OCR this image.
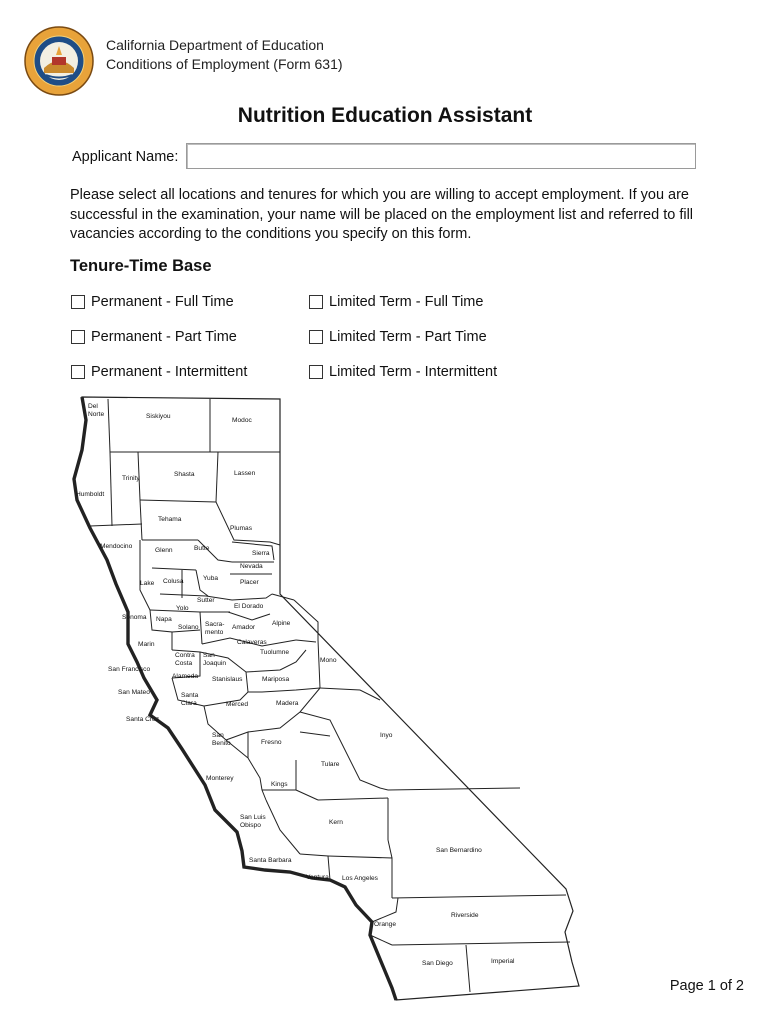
California Department of Education
Conditions of Employment (Form 631)
Nutrition Education Assistant
Applicant Name:
Please select all locations and tenures for which you are willing to accept employment. If you are successful in the examination, your name will be placed on the employment list and referred to fill vacancies according to the conditions you specify on this form.
Tenure-Time Base
Permanent - Full Time
Permanent - Part Time
Permanent - Intermittent
Limited Term - Full Time
Limited Term - Part Time
Limited Term - Intermittent
Del
Norte	Siskiyou
Modoc
Trinity
Shasta	Lassen
Humboldt
Tehama
Plumas
Mendocino
Glenn	Butte
Sierra
Nevada
Lake Colusa	Yuba
Placer
Sutter
El Dorado
Yolo
Sonoma Napa
Sacra-
mento
Amador
Alpine
Solano
Marin	Calaveras
Tuolumne
Mono
Contra
Costa
San
Joaquin
San Francisco
Alameda Stanislaus	Mariposa
San Mateo	Santa
Clara	Merced	Madera
Santa Cruz
Inyo
San
Benito	Fresno
Tulare
Monterey
Kings
San Luis
Obispo	Kern
San Bernardino
Santa Barbara
Ventura Los Angeles
Riverside
Orange
San Diego	Imperial
Page 1 of 2
